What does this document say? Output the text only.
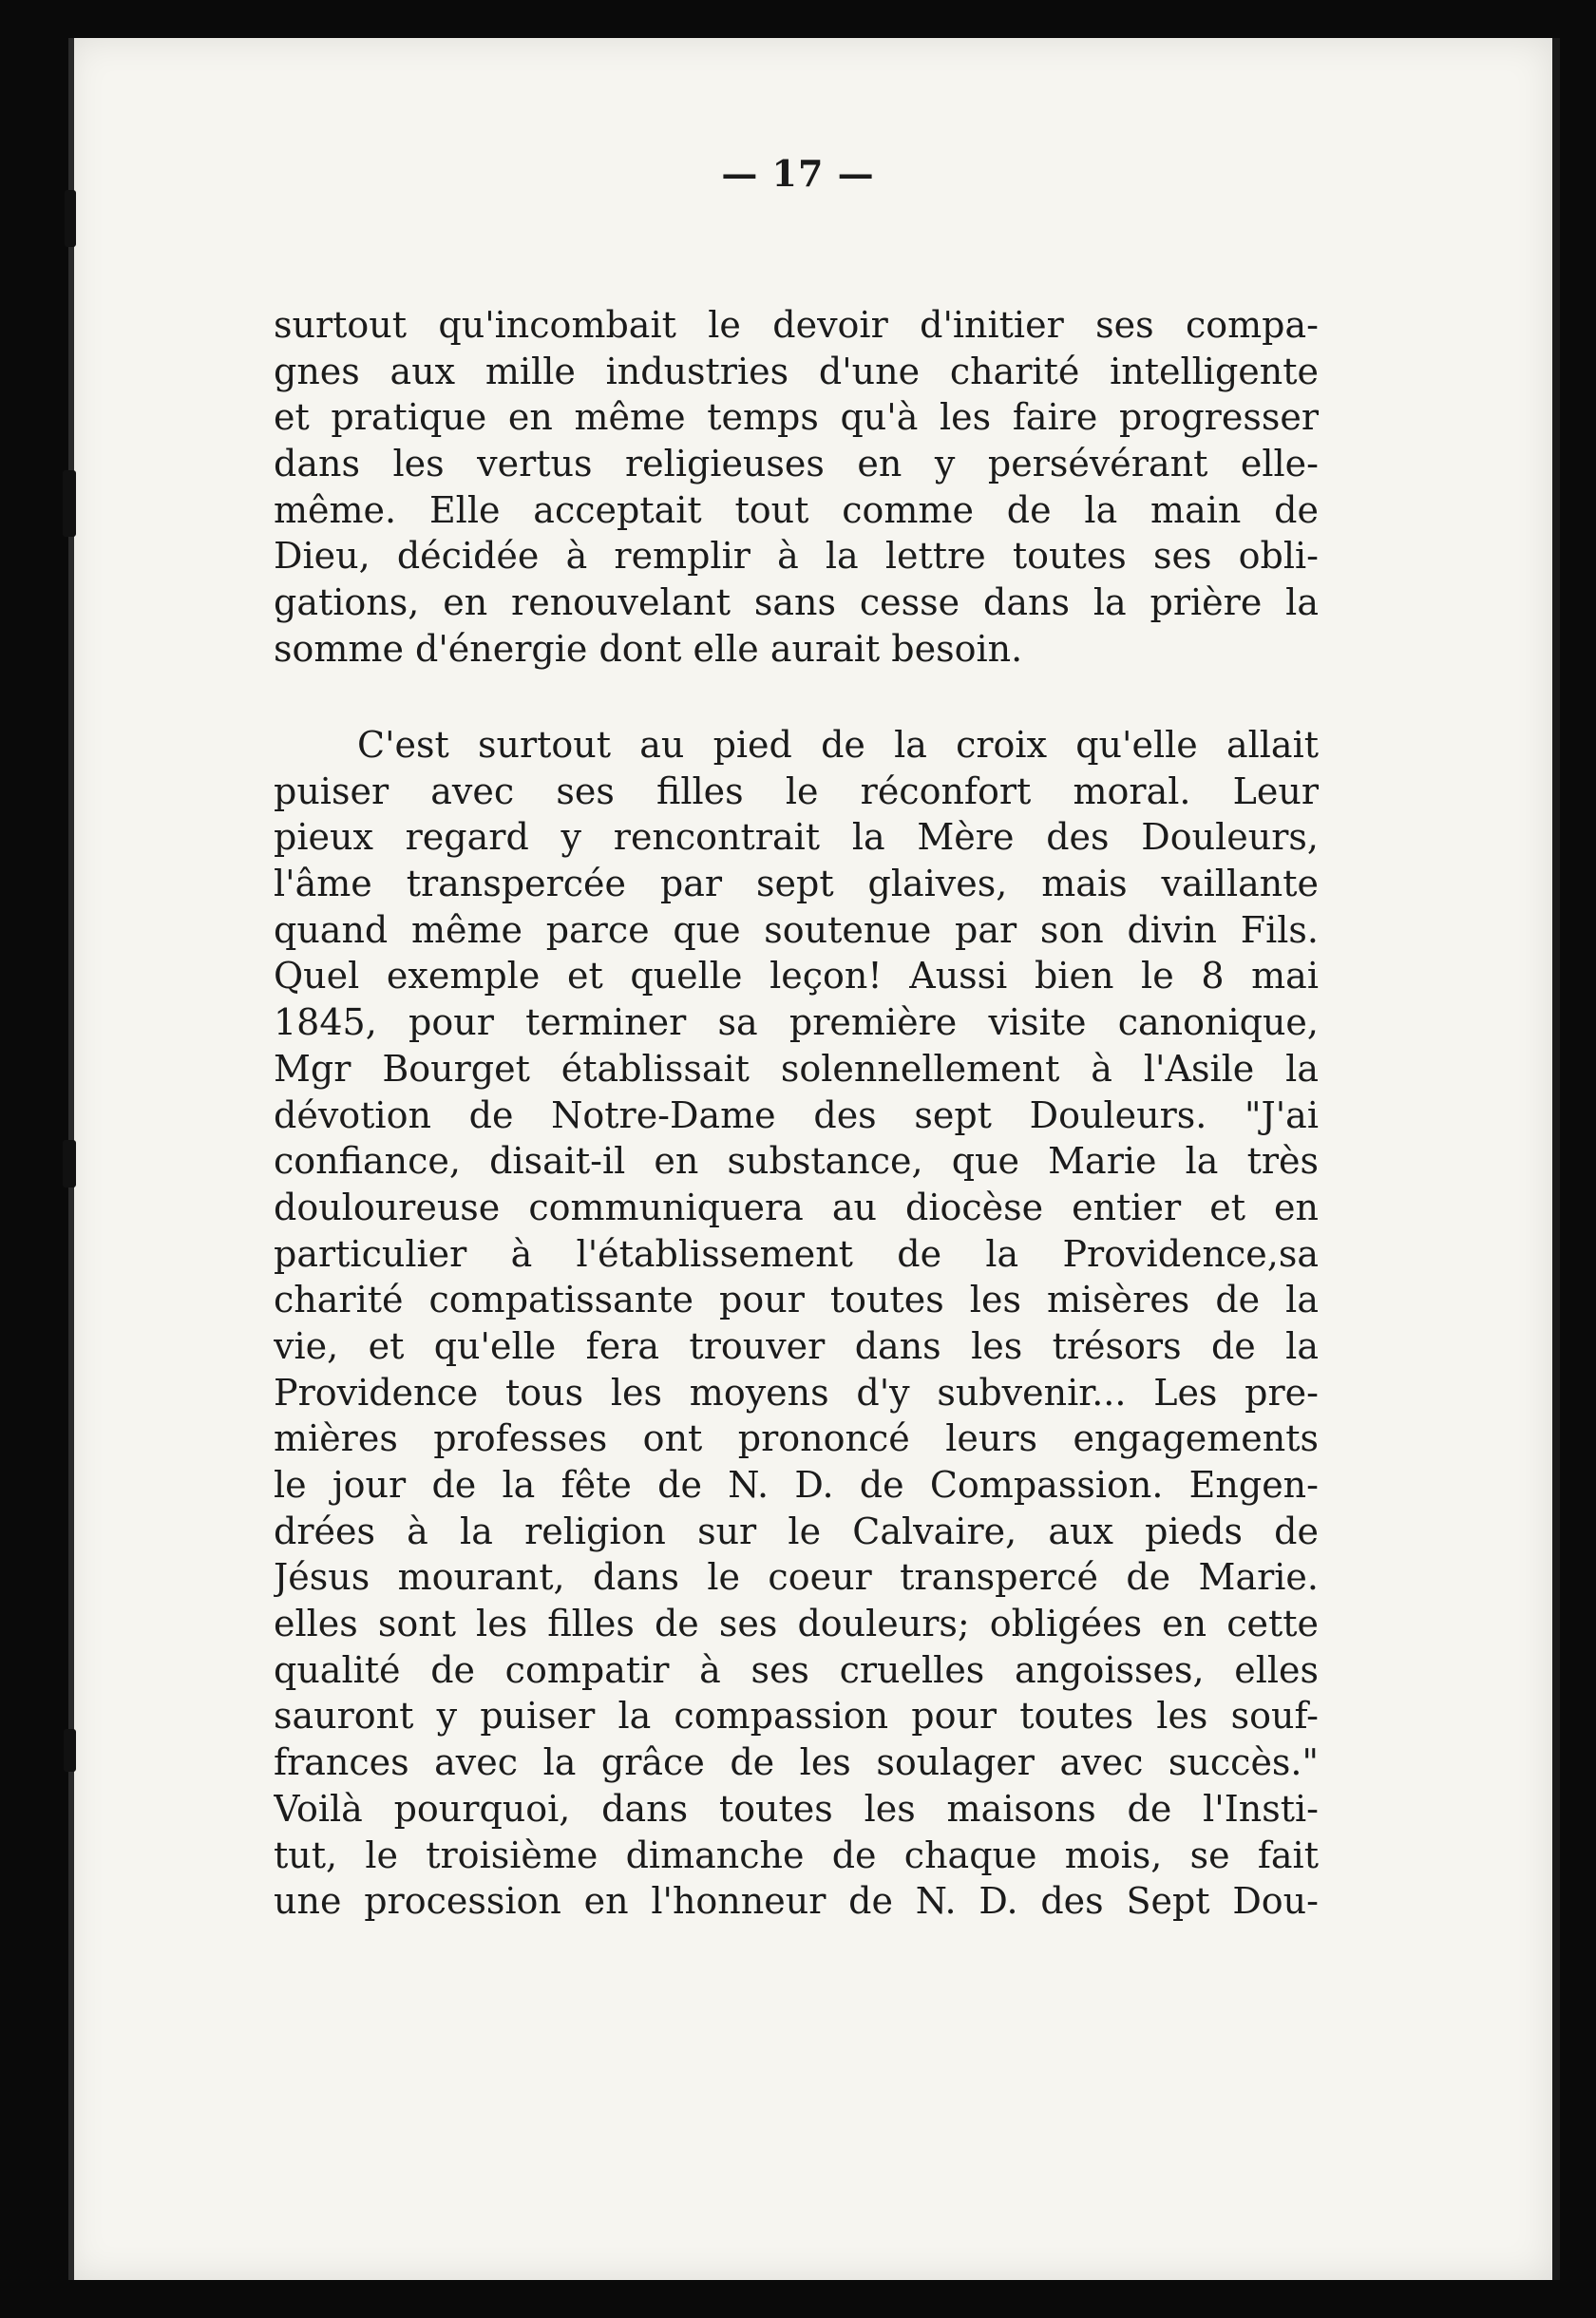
— 17 —
surtout qu'incombait le devoir d'initier ses compa-
gnes aux mille industries d'une charité intelligente
et pratique en même temps qu'à les faire progresser
dans les vertus religieuses en y persévérant elle-
même. Elle acceptait tout comme de la main de
Dieu, décidée à remplir à la lettre toutes ses obli-
gations, en renouvelant sans cesse dans la prière la
somme d'énergie dont elle aurait besoin.
C'est surtout au pied de la croix qu'elle allait
puiser avec ses filles le réconfort moral. Leur
pieux regard y rencontrait la Mère des Douleurs,
l'âme transpercée par sept glaives, mais vaillante
quand même parce que soutenue par son divin Fils.
Quel exemple et quelle leçon! Aussi bien le 8 mai
1845, pour terminer sa première visite canonique,
Mgr Bourget établissait solennellement à l'Asile la
dévotion de Notre-Dame des sept Douleurs. "J'ai
confiance, disait-il en substance, que Marie la très
douloureuse communiquera au diocèse entier et en
particulier à l'établissement de la Providence,sa
charité compatissante pour toutes les misères de la
vie, et qu'elle fera trouver dans les trésors de la
Providence tous les moyens d'y subvenir... Les pre-
mières professes ont prononcé leurs engagements
le jour de la fête de N. D. de Compassion. Engen-
drées à la religion sur le Calvaire, aux pieds de
Jésus mourant, dans le coeur transpercé de Marie.
elles sont les filles de ses douleurs; obligées en cette
qualité de compatir à ses cruelles angoisses, elles
sauront y puiser la compassion pour toutes les souf-
frances avec la grâce de les soulager avec succès."
Voilà pourquoi, dans toutes les maisons de l'Insti-
tut, le troisième dimanche de chaque mois, se fait
une procession en l'honneur de N. D. des Sept Dou-
